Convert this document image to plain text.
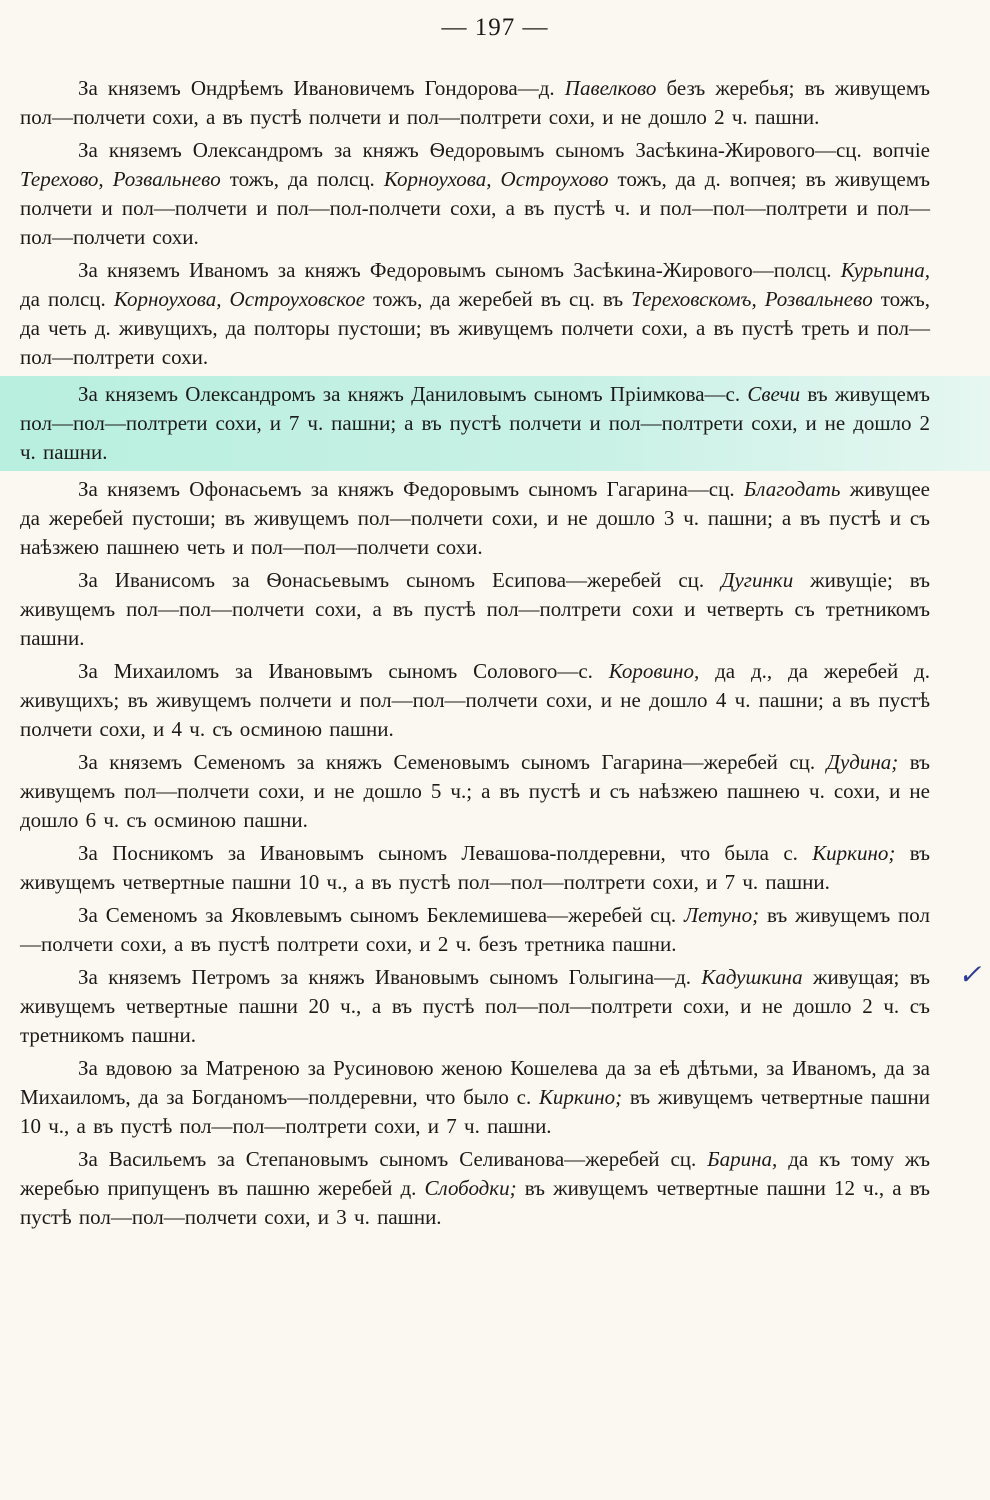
— 197 —

За княземъ Ондрѣемъ Ивановичемъ Гондорова—д. Павелково безъ жеребья; въ живущемъ пол—полчети сохи, а въ пустѣ полчети и пол—полтрети сохи, и не дошло 2 ч. пашни.

За княземъ Олександромъ за княжъ Ѳедоровымъ сыномъ Засѣкина-Жировoго—сц. вопчіе Терехово, Розвальневo тожъ, да полсц. Корноухова, Остроухово тожъ, да д. вопчея; въ живущемъ полчети и пол—полчети и пол—пол-полчети сохи, а въ пустѣ ч. и пол—пол—полтрети и пол—пол—полчети сохи.

За княземъ Иваномъ за княжъ Федоровымъ сыномъ Засѣкина-Жировoго—полсц. Курьпина, да полсц. Корноухова, Остроуховское тожъ, да жеребей въ сц. въ Тереховскомъ, Розвальневo тожъ, да четь д. живущихъ, да полторы пустоши; въ живущемъ полчети сохи, а въ пустѣ треть и пол—пол—полтрети сохи.

За княземъ Олександромъ за княжъ Даниловымъ сыномъ Пріимкова—с. Свечи въ живущемъ пол—пол—полтрети сохи, и 7 ч. пашни; а въ пустѣ полчети и пол—полтрети сохи, и не дошло 2 ч. пашни.

За княземъ Офонасьемъ за княжъ Федоровымъ сыномъ Гагарина—сц. Благодать живущее да жеребей пустоши; въ живущемъ пол—полчети сохи, и не дошло 3 ч. пашни; а въ пустѣ и съ наѣзжею пашнею четь и пол—пол—полчети сохи.

За Иванисомъ за Ѳонасьевымъ сыномъ Есипова—жеребей сц. Дугинки живущіе; въ живущемъ пол—пол—полчети сохи, а въ пустѣ пол—полтрети сохи и четверть съ третникомъ пашни.

За Михаиломъ за Ивановымъ сыномъ Соловoго—с. Коровино, да д., да жеребей д. живущихъ; въ живущемъ полчети и пол—пол—полчети сохи, и не дошло 4 ч. пашни; а въ пустѣ полчети сохи, и 4 ч. съ осминою пашни.

За княземъ Семеномъ за княжъ Семеновымъ сыномъ Гагарина—жеребей сц. Дудина; въ живущемъ пол—полчети сохи, и не дошло 5 ч.; а въ пустѣ и съ наѣзжею пашнею ч. сохи, и не дошло 6 ч. съ осминою пашни.

За Посникомъ за Ивановымъ сыномъ Левашова-полдеревни, что была с. Киркино; въ живущемъ четвертные пашни 10 ч., а въ пустѣ пол—пол—полтрети сохи, и 7 ч. пашни.

За Семеномъ за Яковлевымъ сыномъ Беклемишева—жеребей сц. Летуно; въ живущемъ пол—полчети сохи, а въ пустѣ полтрети сохи, и 2 ч. безъ третника пашни.

За княземъ Петромъ за княжъ Ивановымъ сыномъ Голыгина—д. Кадушкина живущая; въ живущемъ четвертные пашни 20 ч., а въ пустѣ пол—пол—полтрети сохи, и не дошло 2 ч. съ третникомъ пашни.

За вдовою за Матреною за Русиновою женою Кошелева да за еѣ дѣтьми, за Иваномъ, да за Михаиломъ, да за Богданомъ—полдеревни, что было с. Киркино; въ живущемъ четвертные пашни 10 ч., а въ пустѣ пол—пол—полтрети сохи, и 7 ч. пашни.

За Васильемъ за Степановымъ сыномъ Селиванова—жеребей сц. Барина, да къ тому жъ жеребью припущенъ въ пашню жеребей д. Слободки; въ живущемъ четвертные пашни 12 ч., а въ пустѣ пол—пол—полчети сохи, и 3 ч. пашни.

✓
